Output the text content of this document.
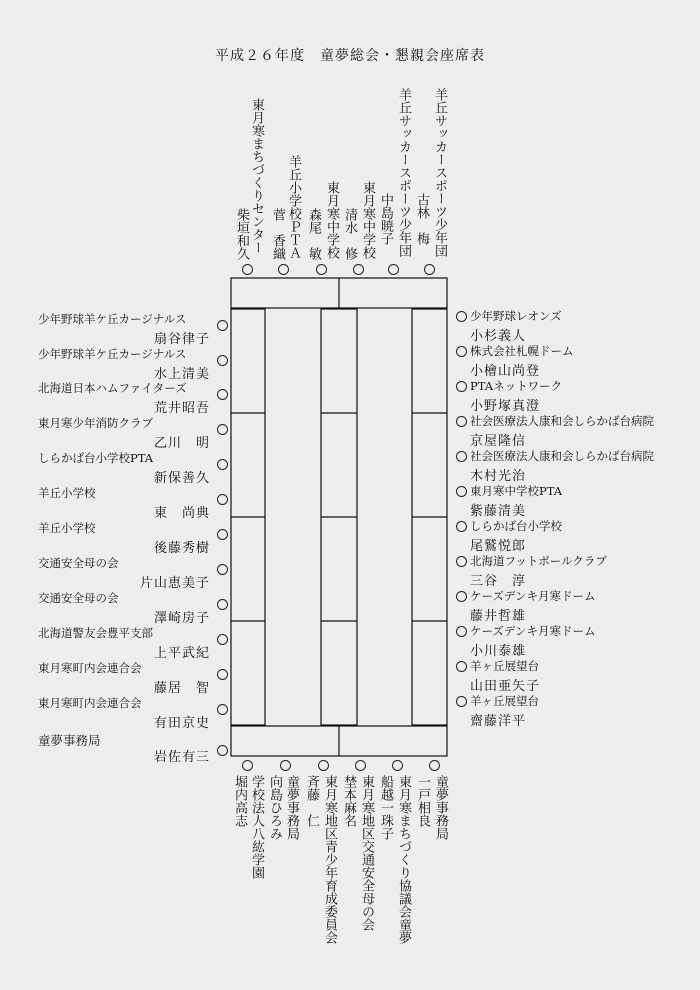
平成２６年度　童夢総会・懇親会座席表
東月寒まちづくりセンター
柴垣和久	羊丘小学校ＰＴＡ
菅　香織	東月寒中学校
森尾　敏	東月寒中学校
清水　修	羊丘サッカースポーツ少年団
中島暁子	羊丘サッカースポーツ少年団
古林　梅
少年野球羊ケ丘カージナルス
扇谷律子
少年野球羊ケ丘カージナルス
水上清美
北海道日本ハムファイターズ
荒井昭吾
東月寒少年消防クラブ
乙川　明
しらかば台小学校PTA
新保善久
羊丘小学校
東　尚典
羊丘小学校
後藤秀樹
交通安全母の会
片山恵美子
交通安全母の会
澤崎房子
北海道警友会豊平支部
上平武紀
東月寒町内会連合会
藤居　智
東月寒町内会連合会
有田京史
童夢事務局
岩佐有三
少年野球レオンズ
小杉義人
株式会社札幌ドーム
小檜山尚登
PTAネットワーク
小野塚真澄
社会医療法人康和会しらかば台病院
京屋隆信
社会医療法人康和会しらかば台病院
木村光治
東月寒中学校PTA
紫藤清美
しらかば台小学校
尾鷲悦郎
北海道フットボールクラブ
三谷　淳
ケーズデンキ月寒ドーム
藤井哲雄
ケーズデンキ月寒ドーム
小川泰雄
羊ヶ丘展望台
山田亜矢子
羊ヶ丘展望台
齋藤洋平
学校法人八紘学園
堀内高志	童夢事務局
向島ひろみ	東月寒地区青少年育成委員会
斉藤　仁	東月寒地区交通安全母の会
埜本麻名	東月寒まちづくり協議会童夢
船越一珠子	童夢事務局
一戸相良
